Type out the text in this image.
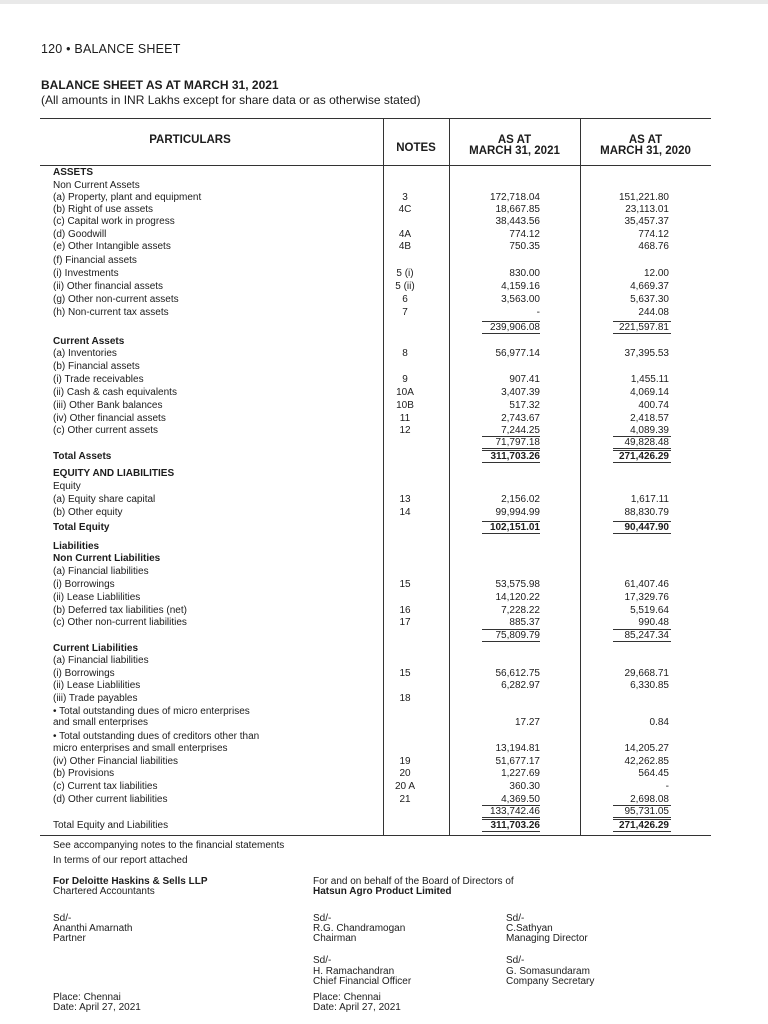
120 • BALANCE SHEET
BALANCE SHEET AS AT MARCH 31, 2021
(All amounts in INR Lakhs except for share data or as otherwise stated)
PARTICULARS
NOTES
AS AT
MARCH 31, 2021
AS AT
MARCH 31, 2020
ASSETS
Non Current Assets
(a) Property, plant and equipment	3	172,718.04	151,221.80
(b) Right of use assets	4C	18,667.85	23,113.01
(c) Capital work in progress	38,443.56	35,457.37
(d) Goodwill	4A	774.12	774.12
(e) Other Intangible assets	4B	750.35	468.76
(f) Financial assets
(i) Investments	5 (i)	830.00	12.00
(ii) Other financial assets	5 (ii)	4,159.16	4,669.37
(g) Other non-current assets	6	3,563.00	5,637.30
(h) Non-current tax assets	7	-	244.08
239,906.08	221,597.81
Current Assets
(a) Inventories	8	56,977.14	37,395.53
(b) Financial assets
(i) Trade receivables	9	907.41	1,455.11
(ii) Cash & cash equivalents	10A	3,407.39	4,069.14
(iii) Other Bank balances	10B	517.32	400.74
(iv) Other financial assets	11	2,743.67	2,418.57
(c) Other current assets	12	7,244.25	4,089.39
71,797.18	49,828.48
Total Assets	311,703.26	271,426.29
EQUITY AND LIABILITIES
Equity
(a) Equity share capital	13	2,156.02	1,617.11
(b) Other equity	14	99,994.99	88,830.79
Total Equity	102,151.01	90,447.90
Liabilities
Non Current Liabilities
(a) Financial liabilities
(i) Borrowings	15	53,575.98	61,407.46
(ii) Lease Liablilities	14,120.22	17,329.76
(b) Deferred tax liabilities (net)	16	7,228.22	5,519.64
(c) Other non-current liabilities	17	885.37	990.48
75,809.79	85,247.34
Current Liabilities
(a) Financial liabilities
(i) Borrowings	15	56,612.75	29,668.71
(ii) Lease Liablilities	6,282.97	6,330.85
(iii) Trade payables	18
• Total outstanding dues of micro enterprises
and small enterprises	17.27	0.84
• Total outstanding dues of creditors other than
micro enterprises and small enterprises	13,194.81	14,205.27
(iv) Other Financial liabilities	19	51,677.17	42,262.85
(b) Provisions	20	1,227.69	564.45
(c) Current tax liabilities	20 A	360.30	-
(d) Other current liabilities	21	4,369.50	2,698.08
133,742.46	95,731.05
Total Equity and Liabilities	311,703.26	271,426.29
See accompanying notes to the financial statements
In terms of our report attached
For Deloitte Haskins & Sells LLP
Chartered Accountants
For and on behalf of the Board of Directors of
Hatsun Agro Product Limited
Sd/-
Ananthi Amarnath
Partner
Sd/-
R.G. Chandramogan
Chairman
Sd/-
C.Sathyan
Managing Director
Sd/-
H. Ramachandran
Chief Financial Officer
Sd/-
G. Somasundaram
Company Secretary
Place: Chennai
Date: April 27, 2021
Place: Chennai
Date: April 27, 2021
